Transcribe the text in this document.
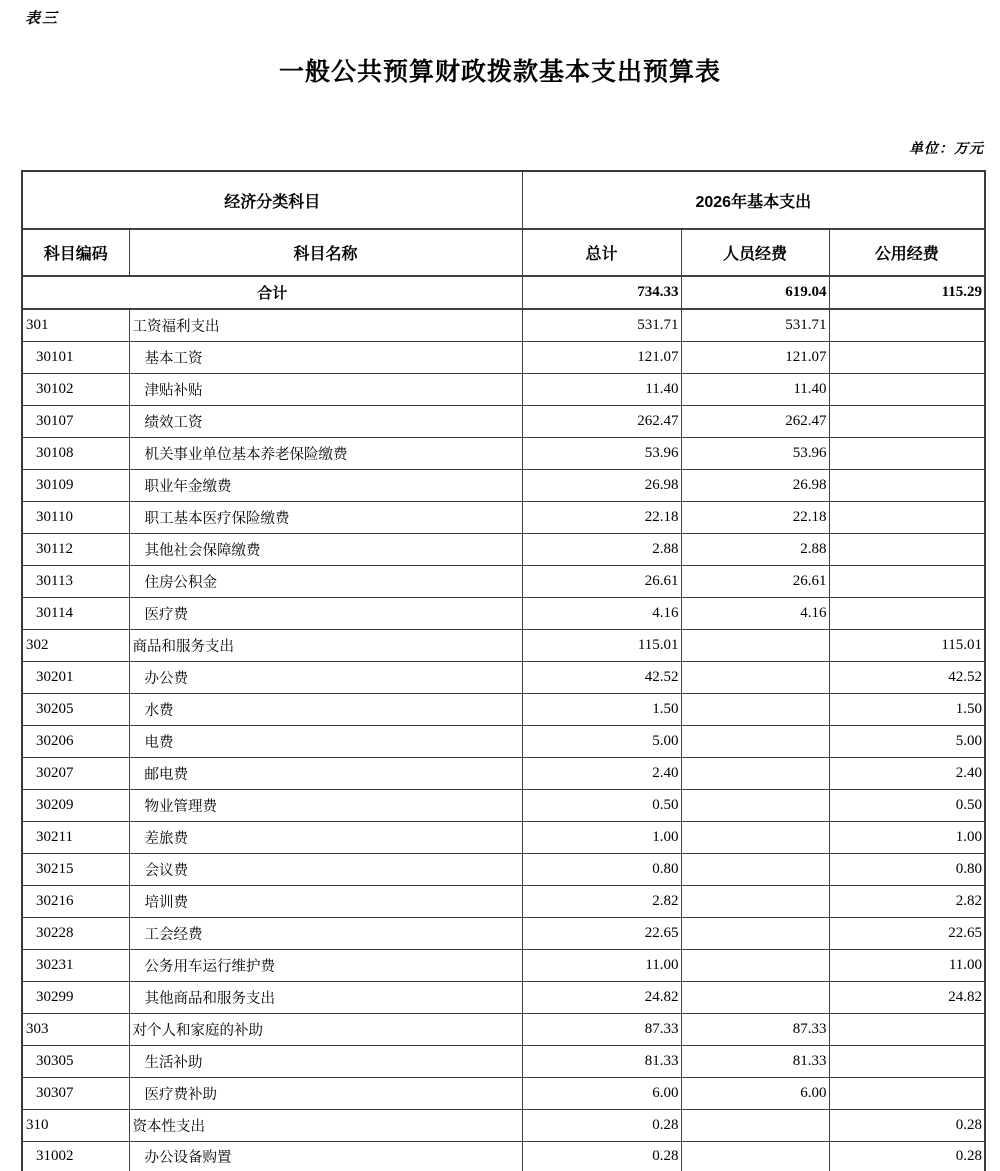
表三
一般公共预算财政拨款基本支出预算表
单位：万元
经济分类科目		2026年基本支出		
科目编码	科目名称	总计	人员经费	公用经费
合计		734.33	619.04	115.29
301	工资福利支出	531.71	531.71	
30101	基本工资	121.07	121.07	
30102	津贴补贴	11.40	11.40	
30107	绩效工资	262.47	262.47	
30108	机关事业单位基本养老保险缴费	53.96	53.96	
30109	职业年金缴费	26.98	26.98	
30110	职工基本医疗保险缴费	22.18	22.18	
30112	其他社会保障缴费	2.88	2.88	
30113	住房公积金	26.61	26.61	
30114	医疗费	4.16	4.16	
302	商品和服务支出	115.01		115.01
30201	办公费	42.52		42.52
30205	水费	1.50		1.50
30206	电费	5.00		5.00
30207	邮电费	2.40		2.40
30209	物业管理费	0.50		0.50
30211	差旅费	1.00		1.00
30215	会议费	0.80		0.80
30216	培训费	2.82		2.82
30228	工会经费	22.65		22.65
30231	公务用车运行维护费	11.00		11.00
30299	其他商品和服务支出	24.82		24.82
303	对个人和家庭的补助	87.33	87.33	
30305	生活补助	81.33	81.33	
30307	医疗费补助	6.00	6.00	
310	资本性支出	0.28		0.28
31002	办公设备购置	0.28		0.28
